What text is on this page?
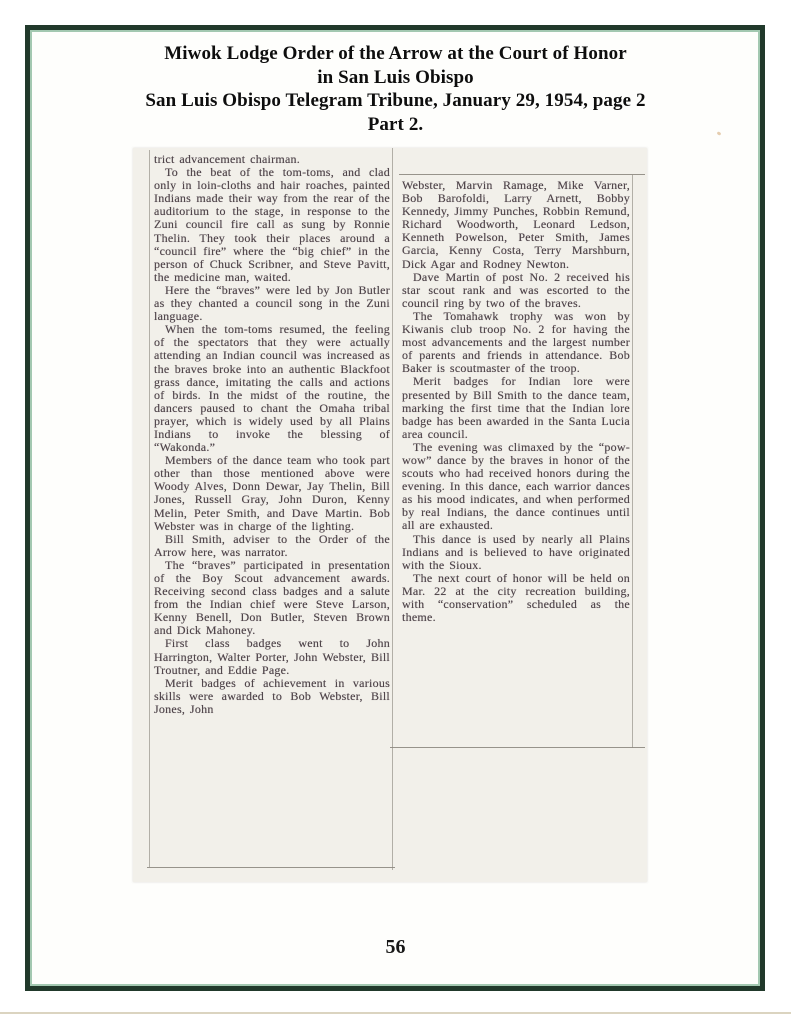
Miwok Lodge Order of the Arrow at the Court of Honor
in San Luis Obispo
San Luis Obispo Telegram Tribune, January 29, 1954, page 2
Part 2.

trict advancement chairman.

To the beat of the tom-toms, and clad only in loin-cloths and hair roaches, painted Indians made their way from the rear of the auditorium to the stage, in response to the Zuni council fire call as sung by Ronnie Thelin. They took their places around a “council fire” where the “big chief” in the person of Chuck Scribner, and Steve Pavitt, the medicine man, waited.

Here the “braves” were led by Jon Butler as they chanted a council song in the Zuni language.

When the tom-toms resumed, the feeling of the spectators that they were actually attending an Indian council was increased as the braves broke into an authentic Blackfoot grass dance, imitating the calls and actions of birds. In the midst of the routine, the dancers paused to chant the Omaha tribal prayer, which is widely used by all Plains Indians to invoke the blessing of “Wakonda.”

Members of the dance team who took part other than those mentioned above were Woody Alves, Donn Dewar, Jay Thelin, Bill Jones, Russell Gray, John Duron, Kenny Melin, Peter Smith, and Dave Martin. Bob Webster was in charge of the lighting.

Bill Smith, adviser to the Order of the Arrow here, was narrator.

The “braves” participated in presentation of the Boy Scout advancement awards. Receiving second class badges and a salute from the Indian chief were Steve Larson, Kenny Benell, Don Butler, Steven Brown and Dick Mahoney.

First class badges went to John Harrington, Walter Porter, John Webster, Bill Troutner, and Eddie Page.

Merit badges of achievement in various skills were awarded to Bob Webster, Bill Jones, John

Webster, Marvin Ramage, Mike Varner, Bob Barofoldi, Larry Arnett, Bobby Kennedy, Jimmy Punches, Robbin Remund, Richard Woodworth, Leonard Ledson, Kenneth Powelson, Peter Smith, James Garcia, Kenny Costa, Terry Marshburn, Dick Agar and Rodney Newton.

Dave Martin of post No. 2 received his star scout rank and was escorted to the council ring by two of the braves.

The Tomahawk trophy was won by Kiwanis club troop No. 2 for having the most advancements and the largest number of parents and friends in attendance. Bob Baker is scoutmaster of the troop.

Merit badges for Indian lore were presented by Bill Smith to the dance team, marking the first time that the Indian lore badge has been awarded in the Santa Lucia area council.

The evening was climaxed by the “pow-wow” dance by the braves in honor of the scouts who had received honors during the evening. In this dance, each warrior dances as his mood indicates, and when performed by real Indians, the dance continues until all are exhausted.

This dance is used by nearly all Plains Indians and is believed to have originated with the Sioux.

The next court of honor will be held on Mar. 22 at the city recreation building, with “conservation” scheduled as the theme.

56
